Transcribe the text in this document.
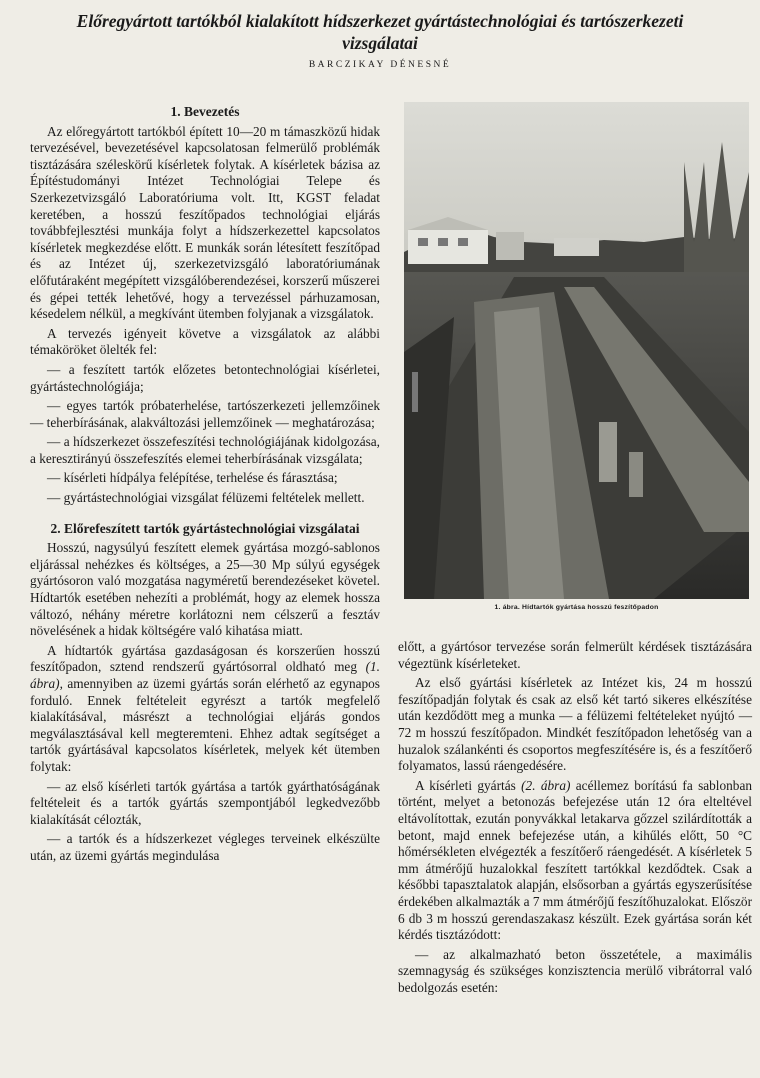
Előregyártott tartókból kialakított hídszerkezet gyártástechnológiai és tartószerkezeti vizsgálatai
BARCZIKAY DÉNESNÉ

1. Bevezetés

Az előregyártott tartókból épített 10—20 m támaszközű hidak tervezésével, bevezetésével kapcsolatosan felmerülő problémák tisztázására széleskörű kísérletek folytak. A kísérletek bázisa az Építéstudományi Intézet Technológiai Telepe és Szerkezetvizsgáló Laboratóriuma volt. Itt, KGST feladat keretében, a hosszú feszítőpados technológiai eljárás továbbfejlesztési munkája folyt a hídszerkezettel kapcsolatos kísérletek megkezdése előtt. E munkák során létesített feszítőpad és az Intézet új, szerkezetvizsgáló laboratóriumának előfutáraként megépített vizsgálóberendezései, korszerű műszerei és gépei tették lehetővé, hogy a tervezéssel párhuzamosan, késedelem nélkül, a megkívánt ütemben folyjanak a vizsgálatok.

A tervezés igényeit követve a vizsgálatok az alábbi témaköröket ölelték fel:

— a feszített tartók előzetes betontechnológiai kísérletei, gyártástechnológiája;

— egyes tartók próbaterhelése, tartószerkezeti jellemzőinek — teherbírásának, alakváltozási jellemzőinek — meghatározása;

— a hídszerkezet összefeszítési technológiájának kidolgozása, a keresztirányú összefeszítés elemei teherbírásának vizsgálata;

— kísérleti hídpálya felépítése, terhelése és fárasztása;

— gyártástechnológiai vizsgálat félüzemi feltételek mellett.

2. Előrefeszített tartók gyártástechnológiai vizsgálatai

Hosszú, nagysúlyú feszített elemek gyártása mozgó-sablonos eljárással nehézkes és költséges, a 25—30 Mp súlyú egységek gyártósoron való mozgatása nagyméretű berendezéseket követel. Hídtartók esetében nehezíti a problémát, hogy az elemek hossza változó, néhány méretre korlátozni nem célszerű a fesztáv növelésének a hidak költségére való kihatása miatt.

A hídtartók gyártása gazdaságosan és korszerűen hosszú feszítőpadon, sztend rendszerű gyártósorral oldható meg (1. ábra), amennyiben az üzemi gyártás során elérhető az egynapos forduló. Ennek feltételeit egyrészt a tartók megfelelő kialakításával, másrészt a technológiai eljárás gondos megválasztásával kell megteremteni. Ehhez adtak segítséget a tartók gyártásával kapcsolatos kísérletek, melyek két ütemben folytak:

— az első kísérleti tartók gyártása a tartók gyárthatóságának feltételeit és a tartók gyártás szempontjából legkedvezőbb kialakítását célozták,

— a tartók és a hídszerkezet végleges terveinek elkészülte után, az üzemi gyártás megindulása

1. ábra. Hídtartók gyártása hosszú feszítőpadon

előtt, a gyártósor tervezése során felmerült kérdések tisztázására végeztünk kísérleteket.

Az első gyártási kísérletek az Intézet kis, 24 m hosszú feszítőpadján folytak és csak az első két tartó sikeres elkészítése után kezdődött meg a munka — a félüzemi feltételeket nyújtó — 72 m hosszú feszítőpadon. Mindkét feszítőpadon lehetőség van a huzalok szálankénti és csoportos megfeszítésére is, és a feszítőerő folyamatos, lassú ráengedésére.

A kísérleti gyártás (2. ábra) acéllemez borítású fa sablonban történt, melyet a betonozás befejezése után 12 óra elteltével eltávolítottak, ezután ponyvákkal letakarva gőzzel szilárdították a betont, majd ennek befejezése után, a kihűlés előtt, 50 °C hőmérsékleten elvégezték a feszítőerő ráengedését. A kísérletek 5 mm átmérőjű huzalokkal feszített tartókkal kezdődtek. Csak a későbbi tapasztalatok alapján, elsősorban a gyártás egyszerűsítése érdekében alkalmazták a 7 mm átmérőjű feszítőhuzalokat. Először 6 db 3 m hosszú gerendaszakasz készült. Ezek gyártása során két kérdés tisztázódott:

— az alkalmazható beton összetétele, a maximális szemnagyság és szükséges konzisztencia merülő vibrátorral való bedolgozás esetén:
